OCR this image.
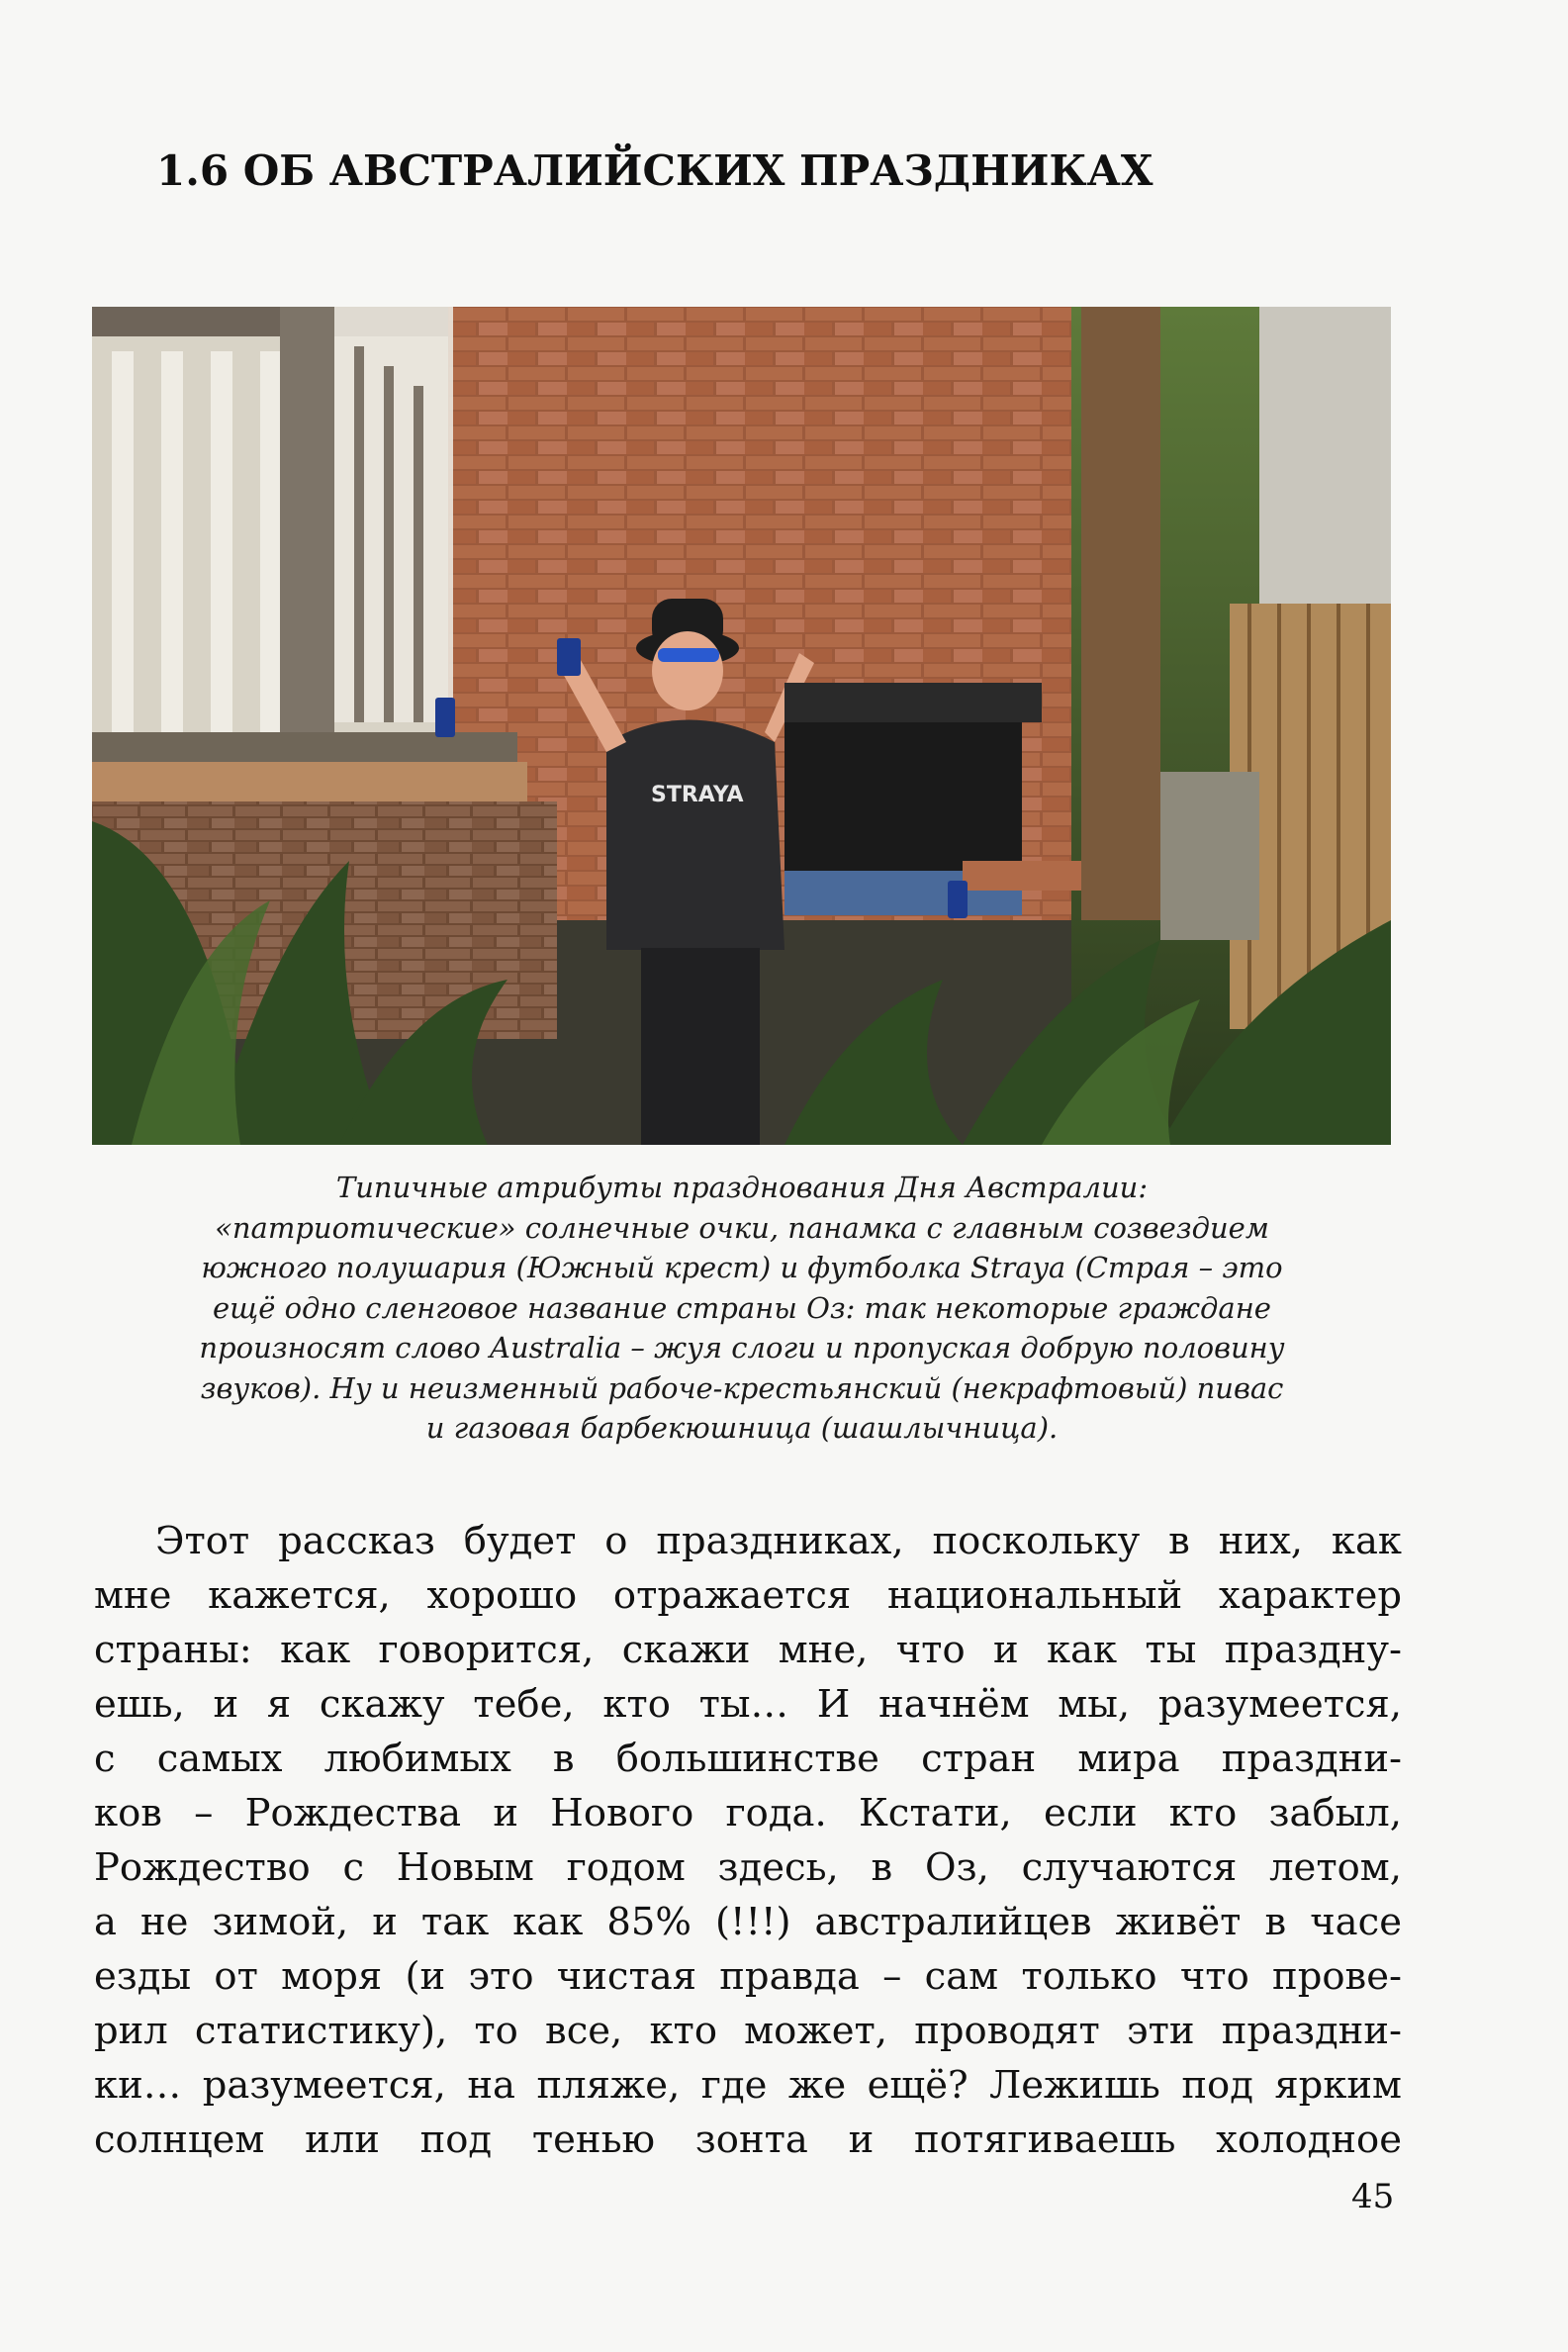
1.6 ОБ АВСТРАЛИЙСКИХ ПРАЗДНИКАХ
STRAYA

Типичные атрибуты празднования Дня Австралии:
«патриотические» солнечные очки, панамка с главным созвездием
южного полушария (Южный крест) и футболка Straya (Страя – это
ещё одно сленговое название страны Оз: так некоторые граждане
произносят слово Australia – жуя слоги и пропуская добрую половину
звуков). Ну и неизменный рабоче-крестьянский (некрафтовый) пивас
и газовая барбекюшница (шашлычница).

Этот рассказ будет о праздниках, поскольку в них, как
мне кажется, хорошо отражается национальный характер
страны: как говорится, скажи мне, что и как ты праздну-
ешь, и я скажу тебе, кто ты… И начнём мы, разумеется,
с самых любимых в большинстве стран мира праздни-
ков – Рождества и Нового года. Кстати, если кто забыл,
Рождество с Новым годом здесь, в Оз, случаются летом,
а не зимой, и так как 85% (!!!) австралийцев живёт в часе
езды от моря (и это чистая правда – сам только что прове-
рил статистику), то все, кто может, проводят эти праздни-
ки… разумеется, на пляже, где же ещё? Лежишь под ярким
солнцем или под тенью зонта и потягиваешь холодное

45
